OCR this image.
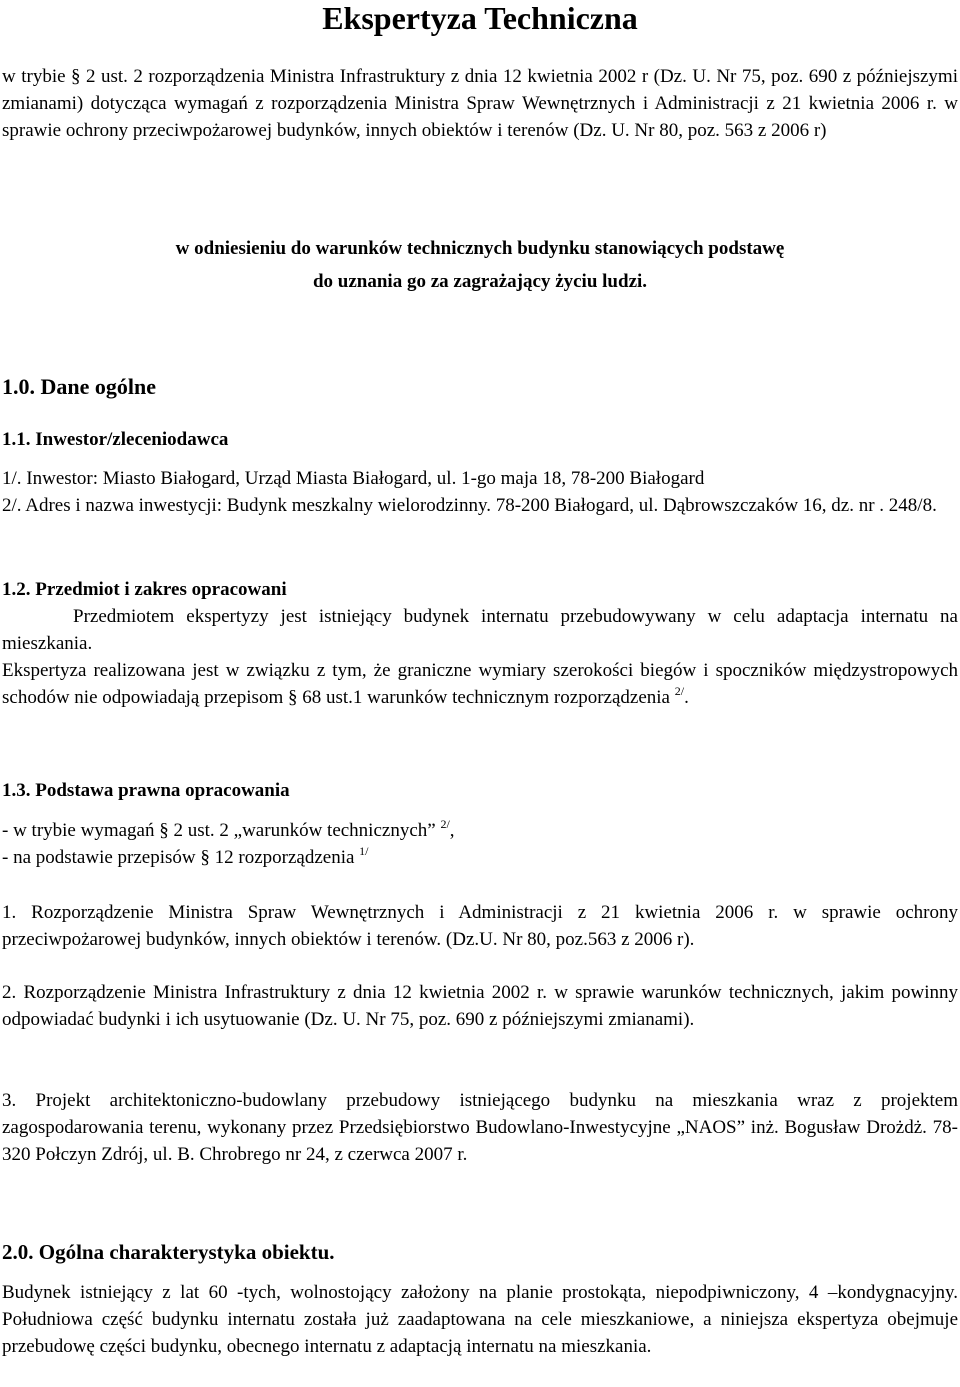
Ekspertyza Techniczna

w trybie § 2 ust. 2 rozporządzenia Ministra Infrastruktury z dnia 12 kwietnia 2002 r (Dz. U. Nr 75, poz. 690 z późniejszymi zmianami) dotycząca wymagań z rozporządzenia Ministra Spraw Wewnętrznych i Administracji z 21 kwietnia 2006 r. w sprawie ochrony przeciwpożarowej budynków, innych obiektów i terenów (Dz. U. Nr 80, poz. 563 z 2006 r)

w odniesieniu do warunków technicznych budynku stanowiących podstawę

do uznania go za zagrażający życiu ludzi.

1.0. Dane ogólne

1.1. Inwestor/zleceniodawca

1/. Inwestor: Miasto Białogard, Urząd Miasta Białogard, ul. 1-go maja 18, 78-200 Białogard

2/. Adres i nazwa inwestycji: Budynk meszkalny wielorodzinny. 78-200 Białogard, ul. Dąbrowszczaków 16, dz. nr . 248/8.

1.2. Przedmiot i zakres opracowani

Przedmiotem ekspertyzy jest istniejący budynek internatu przebudowywany w celu adaptacja internatu na mieszkania.

Ekspertyza realizowana jest w związku z tym, że graniczne wymiary szerokości biegów i spoczników międzystropowych schodów nie odpowiadają przepisom § 68 ust.1 warunków technicznym rozporządzenia $^{2/}$.

1.3. Podstawa prawna opracowania

- w trybie wymagań § 2 ust. 2 „warunków technicznych” $^{2/}$,

- na podstawie przepisów § 12 rozporządzenia $^{1/}$

1. Rozporządzenie Ministra Spraw Wewnętrznych i Administracji z 21 kwietnia 2006 r. w sprawie ochrony przeciwpożarowej budynków, innych obiektów i terenów. (Dz.U. Nr 80, poz.563 z 2006 r).

2. Rozporządzenie Ministra Infrastruktury z dnia 12 kwietnia 2002 r. w sprawie warunków technicznych, jakim powinny odpowiadać budynki i ich usytuowanie (Dz. U. Nr 75, poz. 690 z późniejszymi zmianami).

3. Projekt architektoniczno-budowlany przebudowy istniejącego budynku na mieszkania wraz z projektem zagospodarowania terenu, wykonany przez Przedsiębiorstwo Budowlano-Inwestycyjne „NAOS” inż. Bogusław Drożdż. 78-320 Połczyn Zdrój, ul. B. Chrobrego nr 24, z czerwca 2007 r.

2.0. Ogólna charakterystyka obiektu.

Budynek istniejący z lat 60 -tych, wolnostojący założony na planie prostokąta, niepodpiwniczony, 4 –kondygnacyjny. Południowa część budynku internatu została już zaadaptowana na cele mieszkaniowe, a niniejsza ekspertyza obejmuje przebudowę części budynku, obecnego internatu z adaptacją internatu na mieszkania.
